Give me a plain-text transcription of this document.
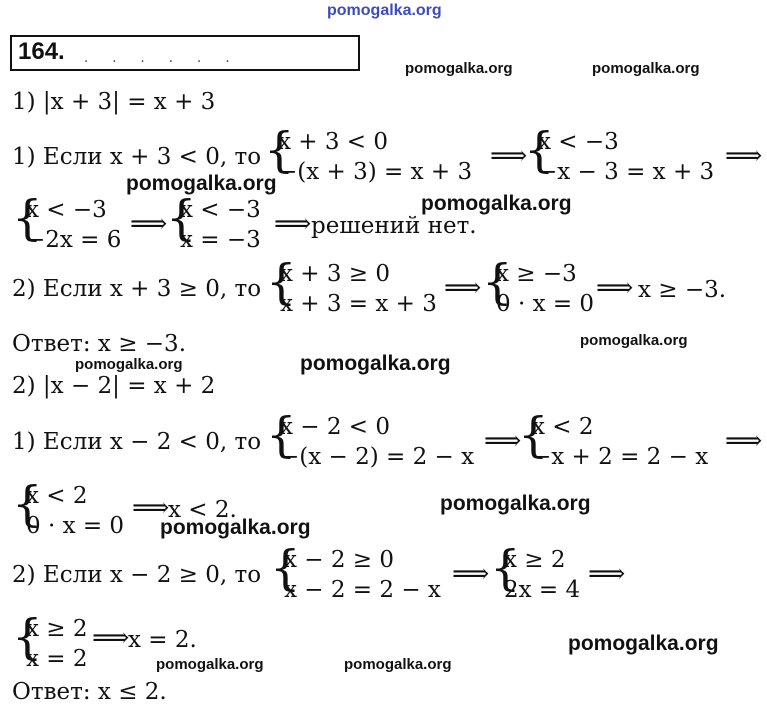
pomogalka.org
164. . . . . . .
pomogalka.org	pomogalka.org
1) |x + 3| = x + 3
1) Если x + 3 < 0, то {
x + 3 < 0
−(x + 3) = x + 3
⟹
{
x < −3
−x − 3 = x + 3
⟹
pomogalka.org
{
x < −3
−2x = 6
⟹
{
x < −3
x = −3
⟹ решений нет.
pomogalka.org
2) Если x + 3 ≥ 0, то {
x + 3 ≥ 0
x + 3 = x + 3
⟹ {
x ≥ −3
0 · x = 0
⟹ x ≥ −3.
Ответ: x ≥ −3.	pomogalka.org
pomogalka.org	pomogalka.org
2) |x − 2| = x + 2
1) Если x − 2 < 0, то {
x − 2 < 0
−(x − 2) = 2 − x
⟹
{
x < 2
−x + 2 = 2 − x
⟹
{
x < 2
0 · x = 0
⟹
x < 2.	pomogalka.org
pomogalka.org
2) Если x − 2 ≥ 0, то {
x − 2 ≥ 0
x − 2 = 2 − x
⟹ {
x ≥ 2
2x = 4
⟹
{
x ≥ 2
x = 2
⟹
x = 2.	pomogalka.org
pomogalka.org	pomogalka.org
Ответ: x ≤ 2.
